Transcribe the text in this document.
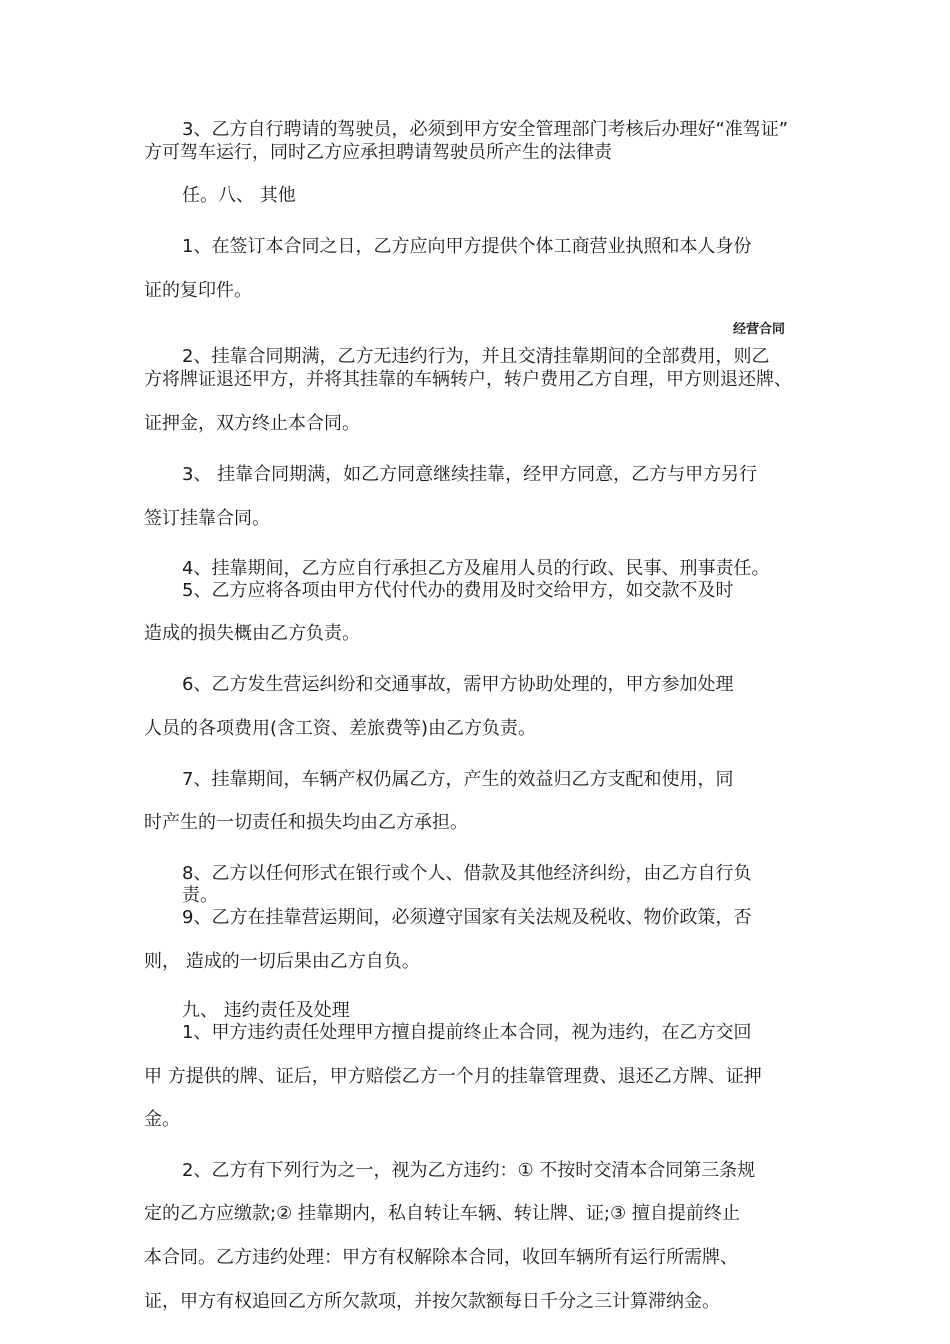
经营合同
3、乙方自行聘请的驾驶员，必须到甲方安全管理部门考核后办理好“准驾证”
方可驾车运行，同时乙方应承担聘请驾驶员所产生的法律责
任。八、 其他
1、在签订本合同之日，乙方应向甲方提供个体工商营业执照和本人身份
证的复印件。
2、挂靠合同期满，乙方无违约行为，并且交清挂靠期间的全部费用，则乙
方将牌证退还甲方，并将其挂靠的车辆转户，转户费用乙方自理，甲方则退还牌、
证押金，双方终止本合同。
3、 挂靠合同期满，如乙方同意继续挂靠，经甲方同意，乙方与甲方另行
签订挂靠合同。
4、挂靠期间，乙方应自行承担乙方及雇用人员的行政、民事、刑事责任。
5、乙方应将各项由甲方代付代办的费用及时交给甲方，如交款不及时
造成的损失概由乙方负责。
6、乙方发生营运纠纷和交通事故，需甲方协助处理的，甲方参加处理
人员的各项费用(含工资、差旅费等)由乙方负责。
7、挂靠期间，车辆产权仍属乙方，产生的效益归乙方支配和使用，同
时产生的一切责任和损失均由乙方承担。
8、乙方以任何形式在银行或个人、借款及其他经济纠纷，由乙方自行负
责。
9、乙方在挂靠营运期间，必须遵守国家有关法规及税收、物价政策，否
则， 造成的一切后果由乙方自负。
九、 违约责任及处理
1、甲方违约责任处理甲方擅自提前终止本合同，视为违约，在乙方交回
甲 方提供的牌、证后，甲方赔偿乙方一个月的挂靠管理费、退还乙方牌、证押
金。
2、乙方有下列行为之一，视为乙方违约：① 不按时交清本合同第三条规
定的乙方应缴款;② 挂靠期内，私自转让车辆、转让牌、证;③ 擅自提前终止
本合同。乙方违约处理：甲方有权解除本合同，收回车辆所有运行所需牌、
证，甲方有权追回乙方所欠款项，并按欠款额每日千分之三计算滞纳金。
